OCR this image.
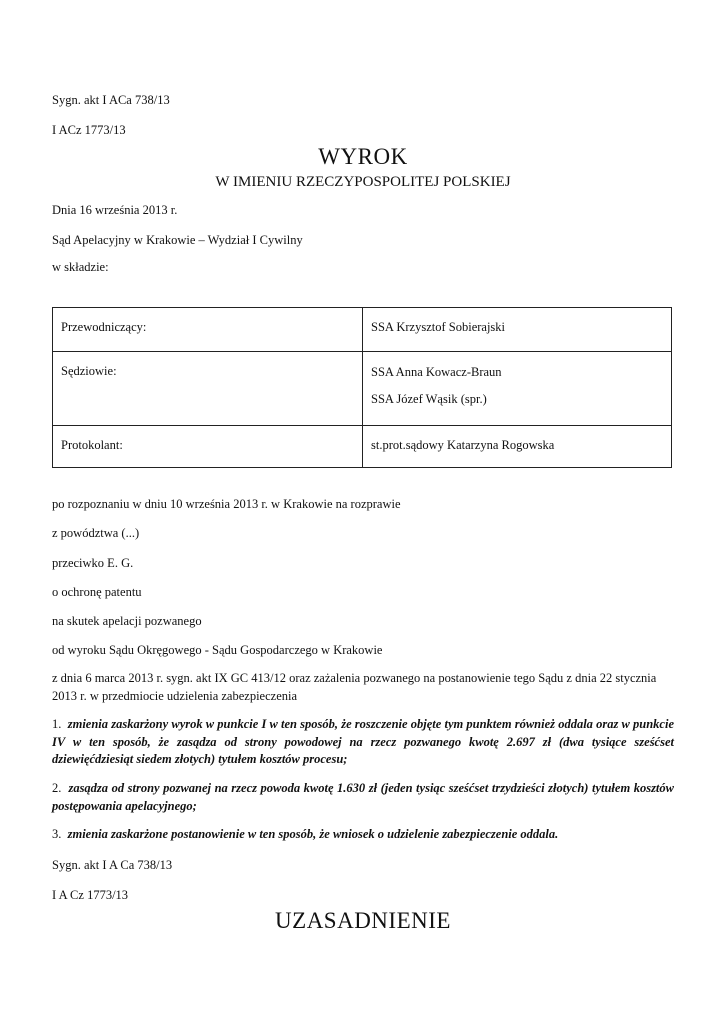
Sygn. akt I ACa 738/13
I ACz 1773/13
WYROK
W IMIENIU RZECZYPOSPOLITEJ POLSKIEJ
Dnia 16 września 2013 r.
Sąd Apelacyjny w Krakowie – Wydział I Cywilny
w składzie:
Przewodniczący:	SSA Krzysztof Sobierajski
Sędziowie:	SSA Anna Kowacz-Braun
SSA Józef Wąsik (spr.)

Protokolant:	st.prot.sądowy Katarzyna Rogowska
po rozpoznaniu w dniu 10 września 2013 r. w Krakowie na rozprawie
z powództwa (...)
przeciwko E. G.
o ochronę patentu
na skutek apelacji pozwanego
od wyroku Sądu Okręgowego - Sądu Gospodarczego w Krakowie
z dnia 6 marca 2013 r. sygn. akt IX GC 413/12 oraz zażalenia pozwanego na postanowienie tego Sądu z dnia 22 stycznia 2013 r. w przedmiocie udzielenia zabezpieczenia
1. zmienia zaskarżony wyrok w punkcie I w ten sposób, że roszczenie objęte tym punktem również oddala oraz w punkcie IV w ten sposób, że zasądza od strony powodowej na rzecz pozwanego kwotę 2.697 zł (dwa tysiące sześćset dziewięćdziesiąt siedem złotych) tytułem kosztów procesu;
2. zasądza od strony pozwanej na rzecz powoda kwotę 1.630 zł (jeden tysiąc sześćset trzydzieści złotych) tytułem kosztów postępowania apelacyjnego;
3. zmienia zaskarżone postanowienie w ten sposób, że wniosek o udzielenie zabezpieczenie oddala.
Sygn. akt I A Ca 738/13
I A Cz 1773/13
UZASADNIENIE
